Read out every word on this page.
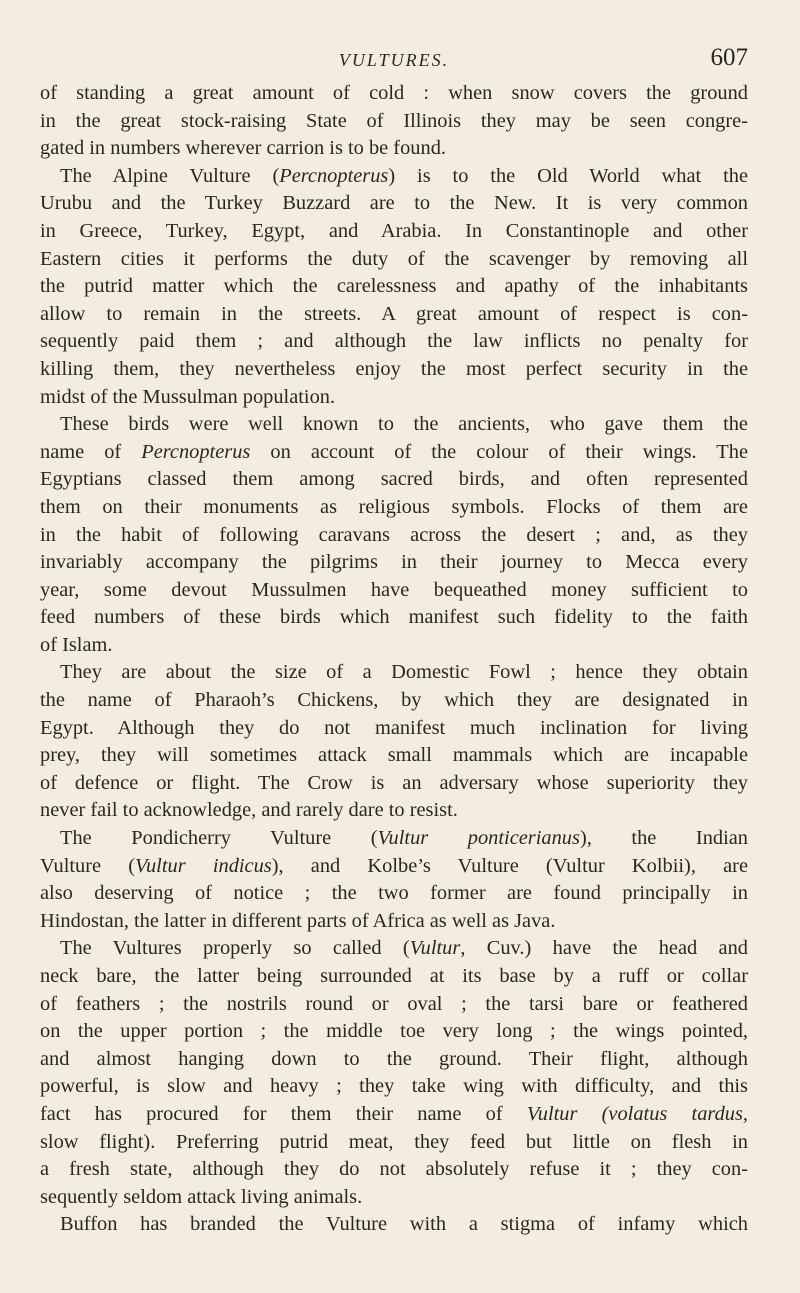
VULTURES.	607
of standing a great amount of cold : when snow covers the ground
in the great stock-raising State of Illinois they may be seen congre-
gated in numbers wherever carrion is to be found.
The Alpine Vulture (Percnopterus) is to the Old World what the
Urubu and the Turkey Buzzard are to the New. It is very common
in Greece, Turkey, Egypt, and Arabia. In Constantinople and other
Eastern cities it performs the duty of the scavenger by removing all
the putrid matter which the carelessness and apathy of the inhabitants
allow to remain in the streets. A great amount of respect is con-
sequently paid them ; and although the law inflicts no penalty for
killing them, they nevertheless enjoy the most perfect security in the
midst of the Mussulman population.
These birds were well known to the ancients, who gave them the
name of Percnopterus on account of the colour of their wings. The
Egyptians classed them among sacred birds, and often represented
them on their monuments as religious symbols. Flocks of them are
in the habit of following caravans across the desert ; and, as they
invariably accompany the pilgrims in their journey to Mecca every
year, some devout Mussulmen have bequeathed money sufficient to
feed numbers of these birds which manifest such fidelity to the faith
of Islam.
They are about the size of a Domestic Fowl ; hence they obtain
the name of Pharaoh’s Chickens, by which they are designated in
Egypt. Although they do not manifest much inclination for living
prey, they will sometimes attack small mammals which are incapable
of defence or flight. The Crow is an adversary whose superiority they
never fail to acknowledge, and rarely dare to resist.
The Pondicherry Vulture (Vultur ponticerianus), the Indian
Vulture (Vultur indicus), and Kolbe’s Vulture (Vultur Kolbii), are
also deserving of notice ; the two former are found principally in
Hindostan, the latter in different parts of Africa as well as Java.
The Vultures properly so called (Vultur, Cuv.) have the head and
neck bare, the latter being surrounded at its base by a ruff or collar
of feathers ; the nostrils round or oval ; the tarsi bare or feathered
on the upper portion ; the middle toe very long ; the wings pointed,
and almost hanging down to the ground. Their flight, although
powerful, is slow and heavy ; they take wing with difficulty, and this
fact has procured for them their name of Vultur (volatus tardus,
slow flight). Preferring putrid meat, they feed but little on flesh in
a fresh state, although they do not absolutely refuse it ; they con-
sequently seldom attack living animals.
Buffon has branded the Vulture with a stigma of infamy which
